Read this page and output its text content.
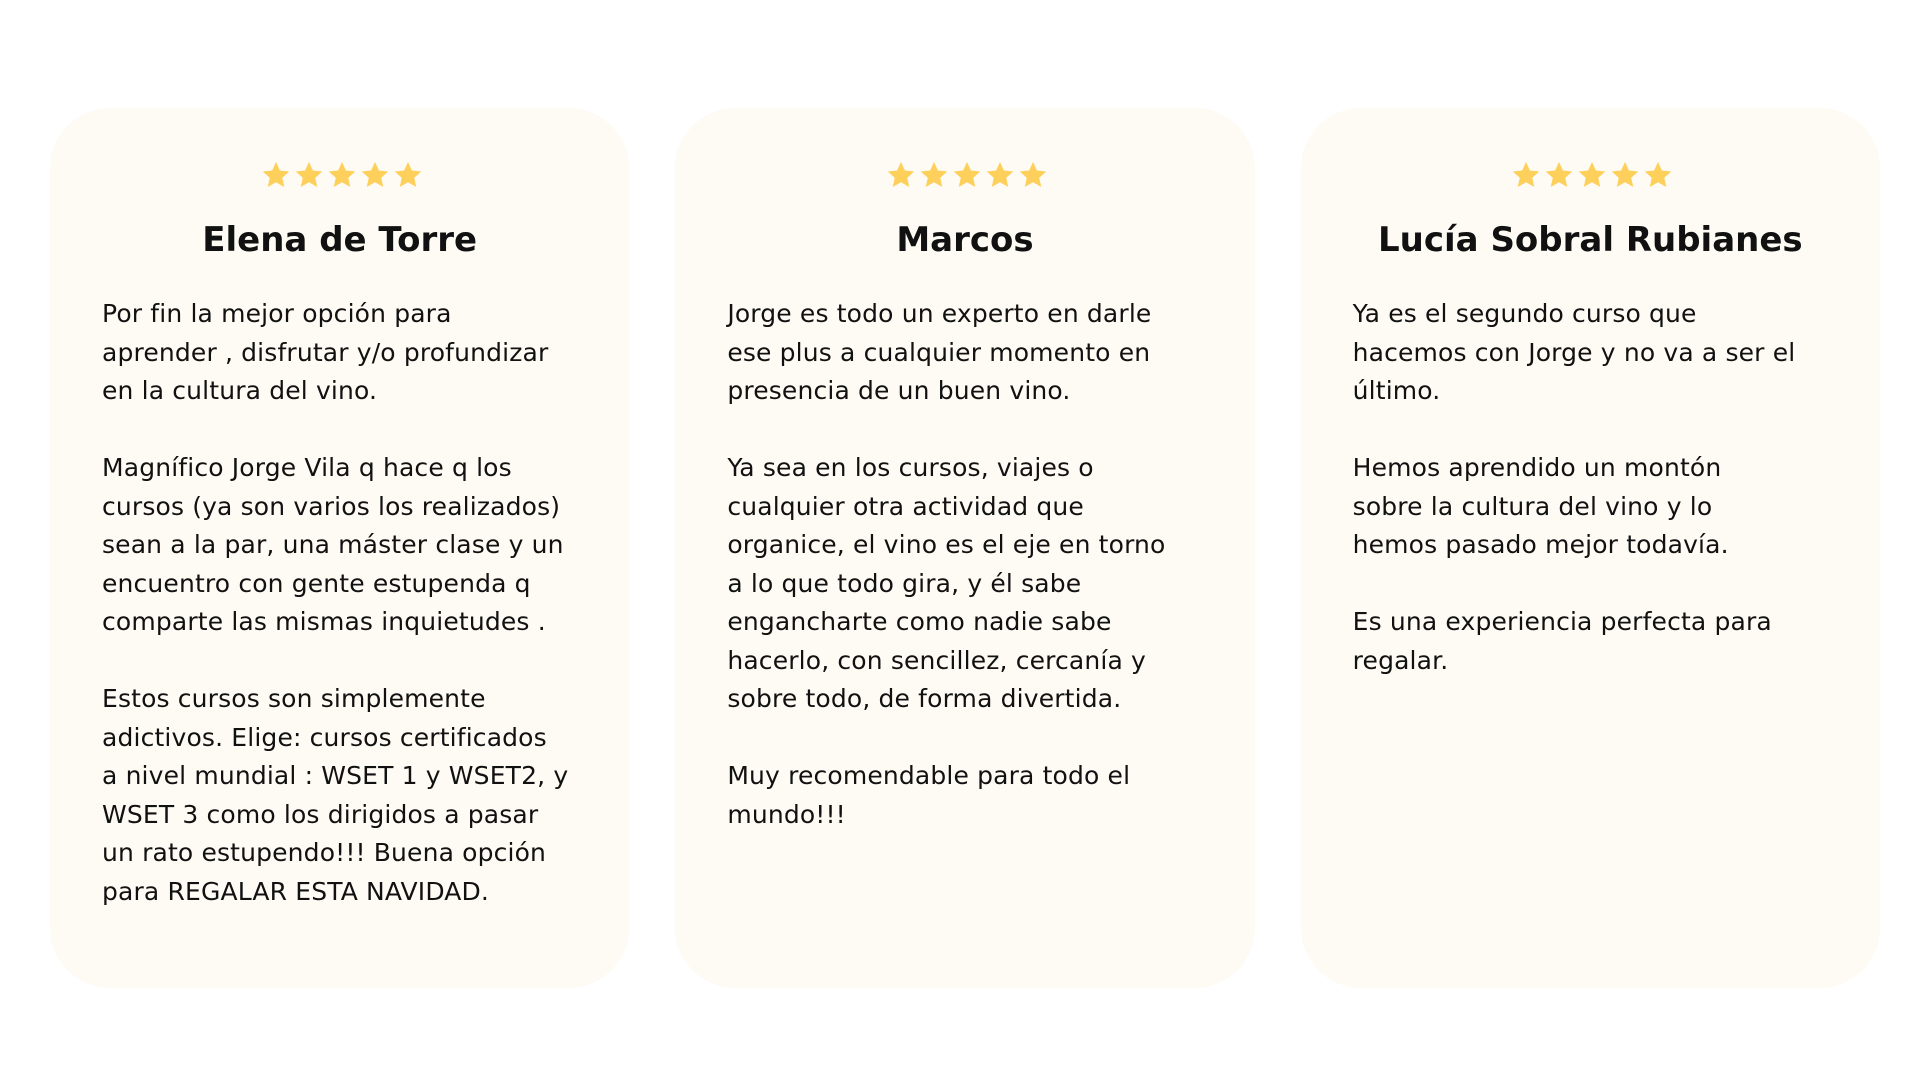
Elena de Torre

Por fin la mejor opción para
aprender , disfrutar y/o profundizar
en la cultura del vino.

Magnífico Jorge Vila q hace q los
cursos (ya son varios los realizados)
sean a la par, una máster clase y un
encuentro con gente estupenda q
comparte las mismas inquietudes .

Estos cursos son simplemente
adictivos. Elige: cursos certificados
a nivel mundial : WSET 1 y WSET2, y
WSET 3 como los dirigidos a pasar
un rato estupendo!!! Buena opción
para REGALAR ESTA NAVIDAD.

Marcos

Jorge es todo un experto en darle
ese plus a cualquier momento en
presencia de un buen vino.

Ya sea en los cursos, viajes o
cualquier otra actividad que
organice, el vino es el eje en torno
a lo que todo gira, y él sabe
engancharte como nadie sabe
hacerlo, con sencillez, cercanía y
sobre todo, de forma divertida.

Muy recomendable para todo el
mundo!!!

Lucía Sobral Rubianes

Ya es el segundo curso que
hacemos con Jorge y no va a ser el
último.

Hemos aprendido un montón
sobre la cultura del vino y lo
hemos pasado mejor todavía.

Es una experiencia perfecta para
regalar.
